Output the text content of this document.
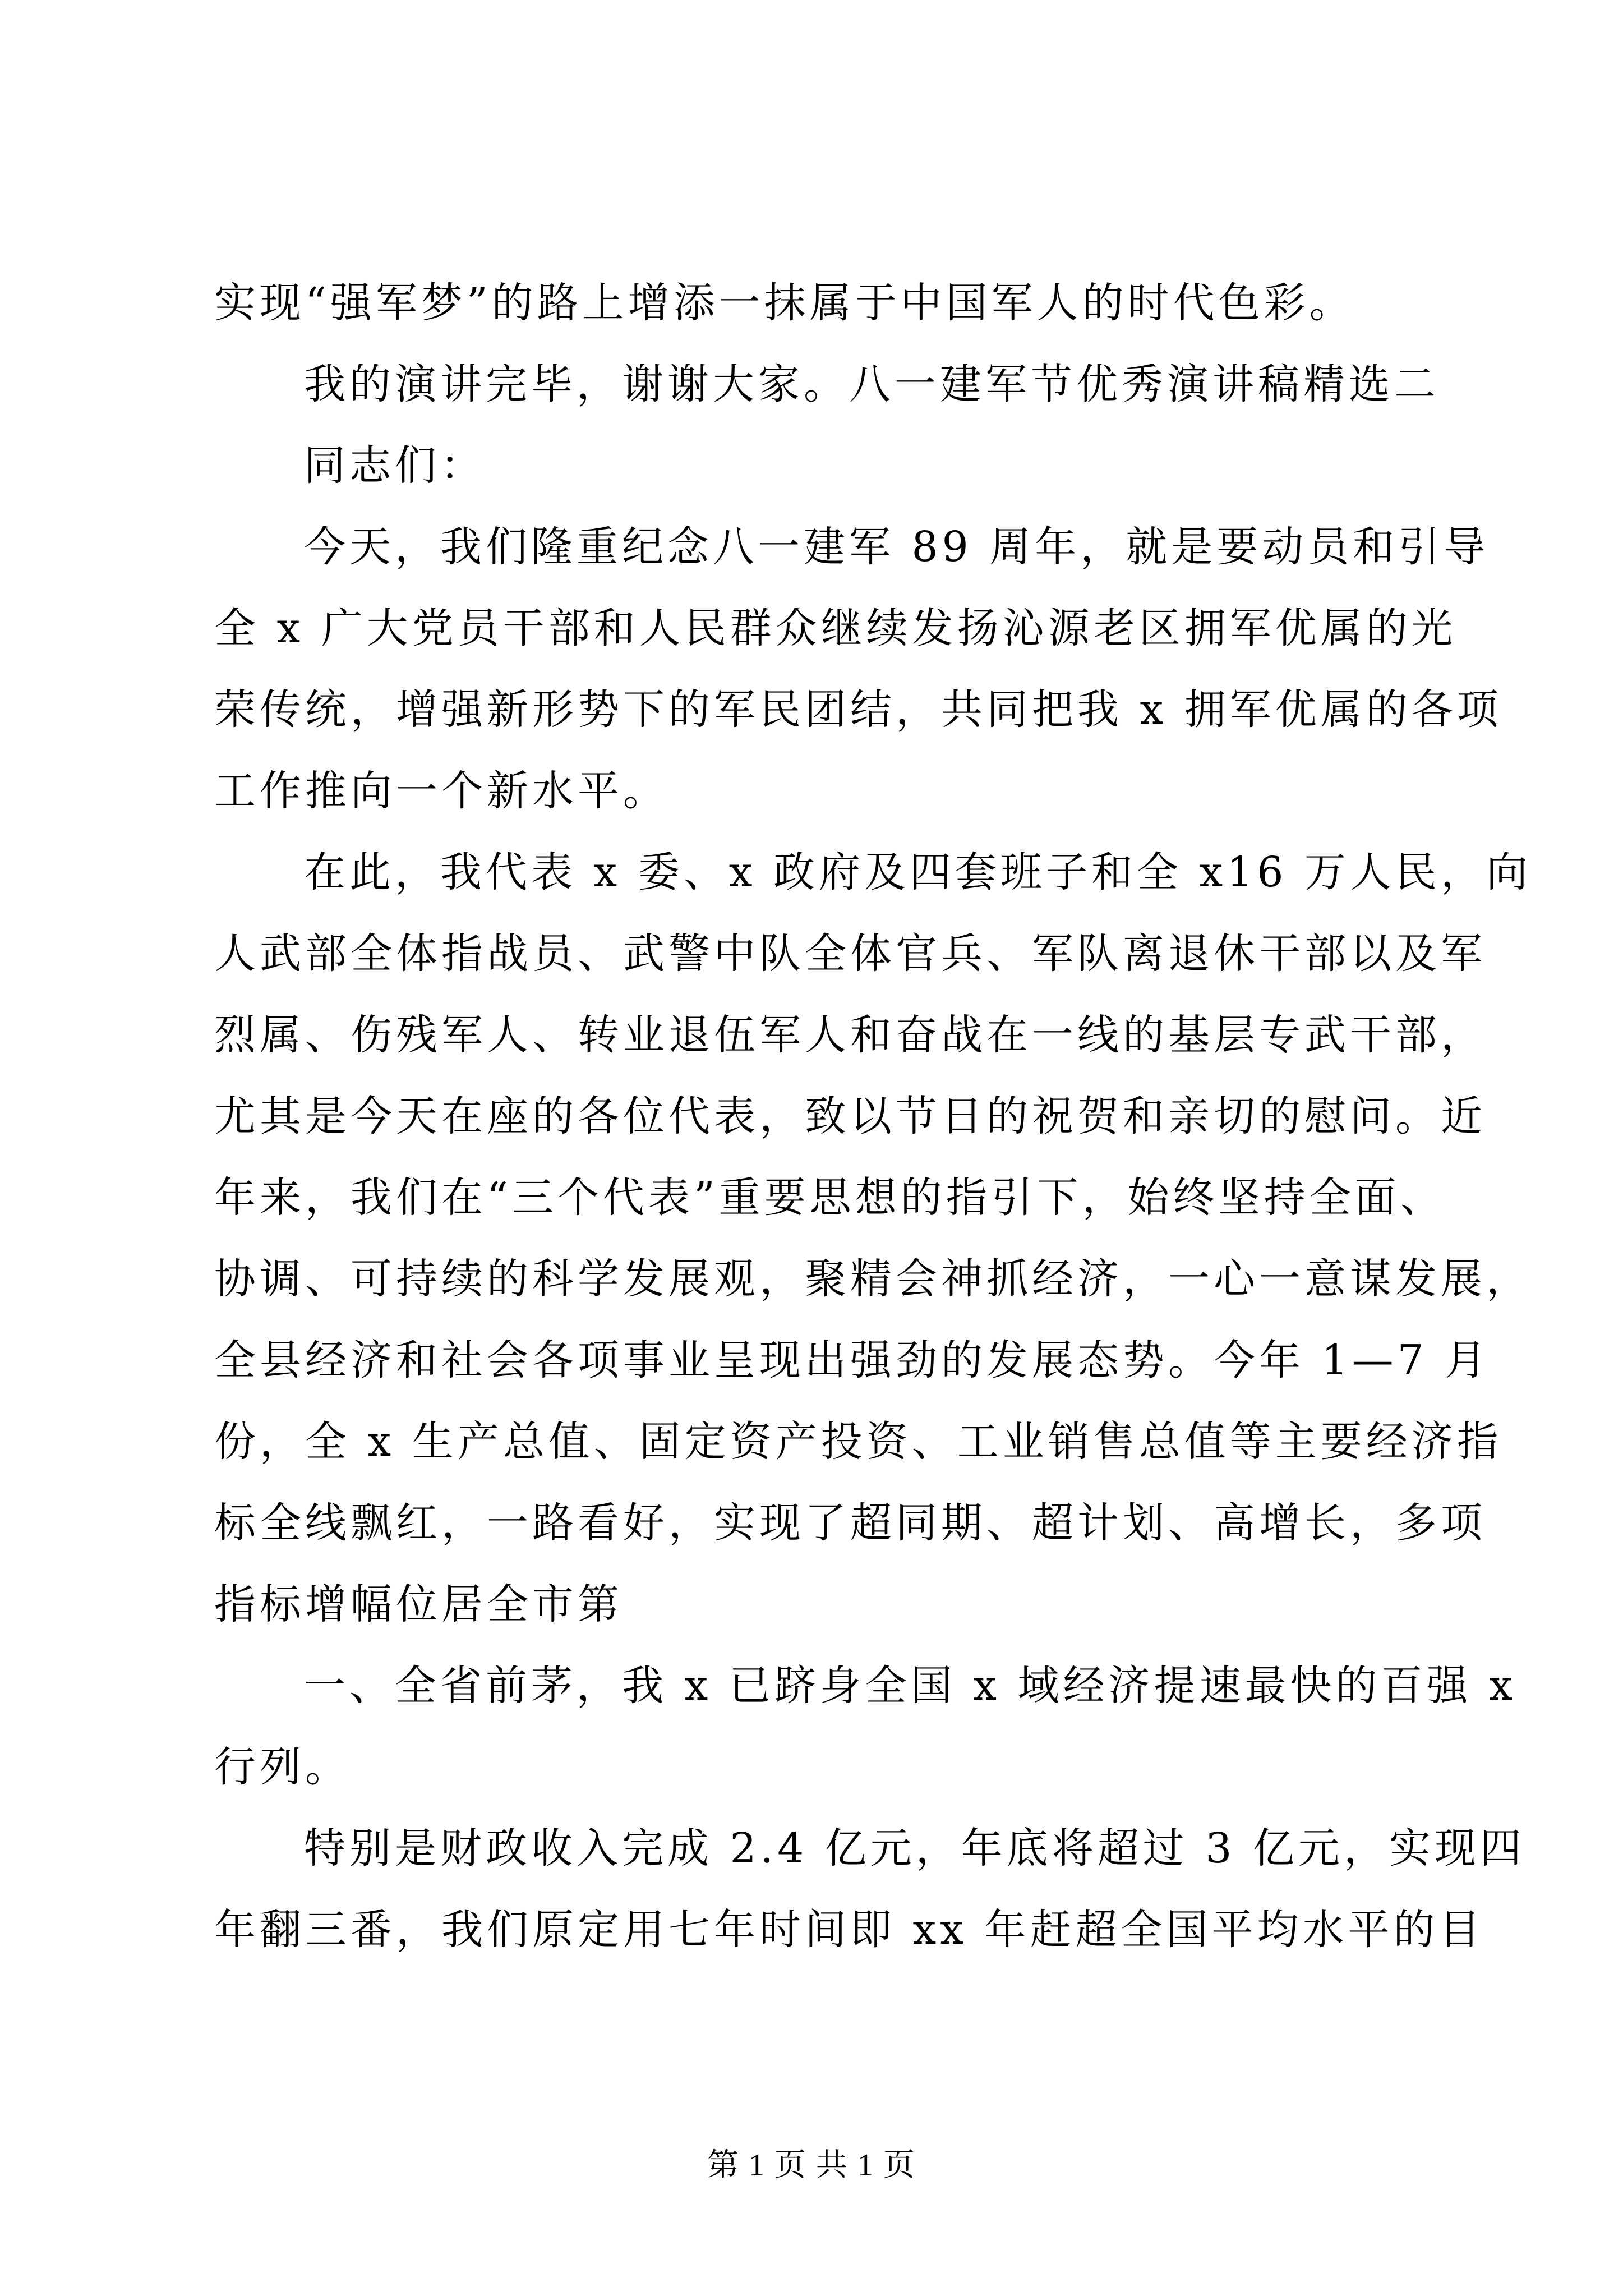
实现“强军梦”的路上增添一抹属于中国军人的时代色彩。
我的演讲完毕，谢谢大家。八一建军节优秀演讲稿精选二
同志们：
今天，我们隆重纪念八一建军 89 周年，就是要动员和引导
全 x 广大党员干部和人民群众继续发扬沁源老区拥军优属的光
荣传统，增强新形势下的军民团结，共同把我 x 拥军优属的各项
工作推向一个新水平。
在此，我代表 x 委、x 政府及四套班子和全 x16 万人民，向
人武部全体指战员、武警中队全体官兵、军队离退休干部以及军
烈属、伤残军人、转业退伍军人和奋战在一线的基层专武干部，
尤其是今天在座的各位代表，致以节日的祝贺和亲切的慰问。近
年来，我们在“三个代表”重要思想的指引下，始终坚持全面、
协调、可持续的科学发展观，聚精会神抓经济，一心一意谋发展，
全县经济和社会各项事业呈现出强劲的发展态势。今年 1—7 月
份，全 x 生产总值、固定资产投资、工业销售总值等主要经济指
标全线飘红，一路看好，实现了超同期、超计划、高增长，多项
指标增幅位居全市第
一、全省前茅，我 x 已跻身全国 x 域经济提速最快的百强 x
行列。
特别是财政收入完成 2.4 亿元，年底将超过 3 亿元，实现四
年翻三番，我们原定用七年时间即 xx 年赶超全国平均水平的目
第 1 页 共 1 页
